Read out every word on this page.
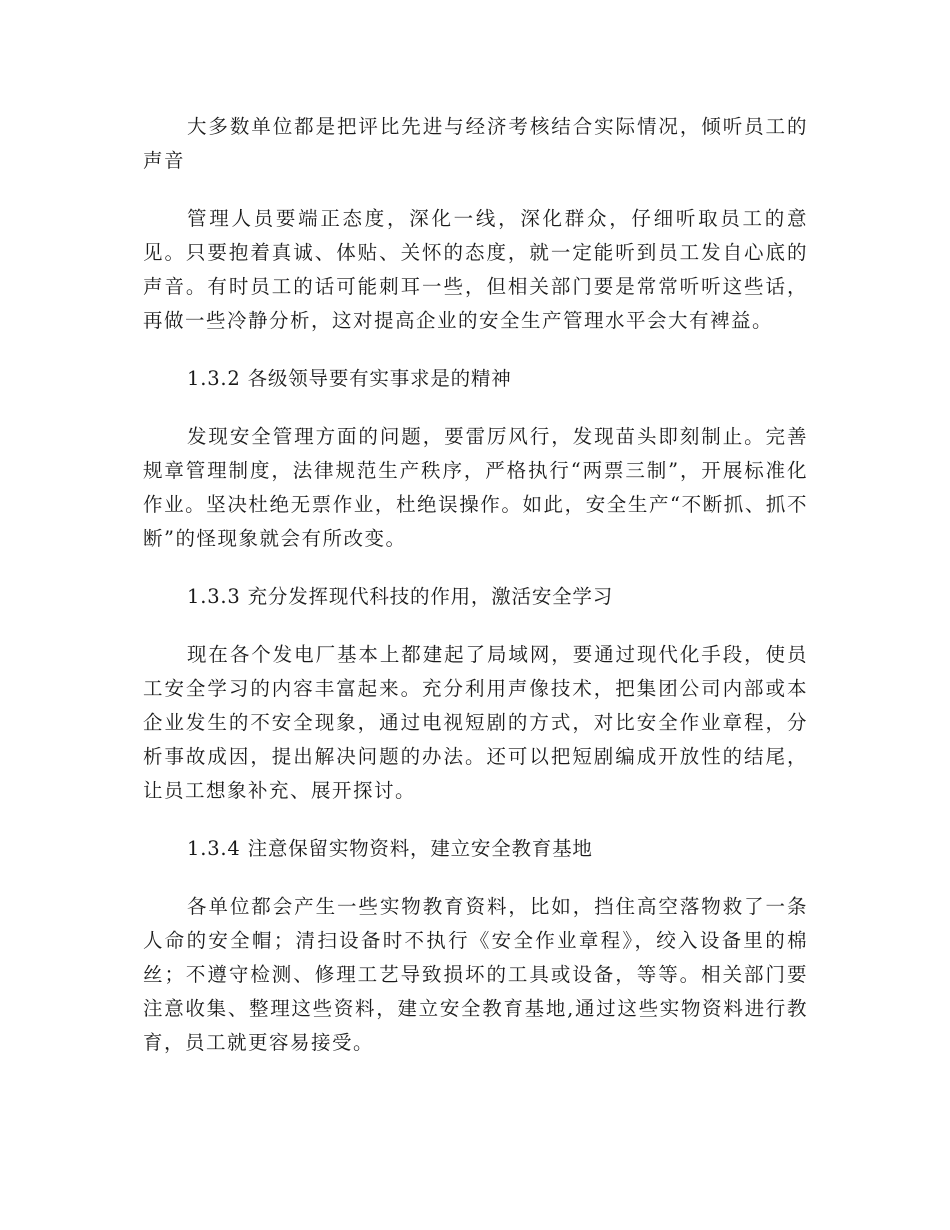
大多数单位都是把评比先进与经济考核结合实际情况，倾听员工的声音

管理人员要端正态度，深化一线，深化群众，仔细听取员工的意见。只要抱着真诚、体贴、关怀的态度，就一定能听到员工发自心底的声音。有时员工的话可能刺耳一些，但相关部门要是常常听听这些话，再做一些冷静分析，这对提高企业的安全生产管理水平会大有裨益。

1.3.2 各级领导要有实事求是的精神

发现安全管理方面的问题，要雷厉风行，发现苗头即刻制止。完善规章管理制度，法律规范生产秩序，严格执行“两票三制”，开展标准化作业。坚决杜绝无票作业，杜绝误操作。如此，安全生产“不断抓、抓不断”的怪现象就会有所改变。

1.3.3 充分发挥现代科技的作用，激活安全学习

现在各个发电厂基本上都建起了局域网，要通过现代化手段，使员工安全学习的内容丰富起来。充分利用声像技术，把集团公司内部或本企业发生的不安全现象，通过电视短剧的方式，对比安全作业章程，分析事故成因，提出解决问题的办法。还可以把短剧编成开放性的结尾，让员工想象补充、展开探讨。

1.3.4 注意保留实物资料，建立安全教育基地

各单位都会产生一些实物教育资料，比如，挡住高空落物救了一条人命的安全帽；清扫设备时不执行《安全作业章程》，绞入设备里的棉丝；不遵守检测、修理工艺导致损坏的工具或设备，等等。相关部门要注意收集、整理这些资料，建立安全教育基地,通过这些实物资料进行教育，员工就更容易接受。
